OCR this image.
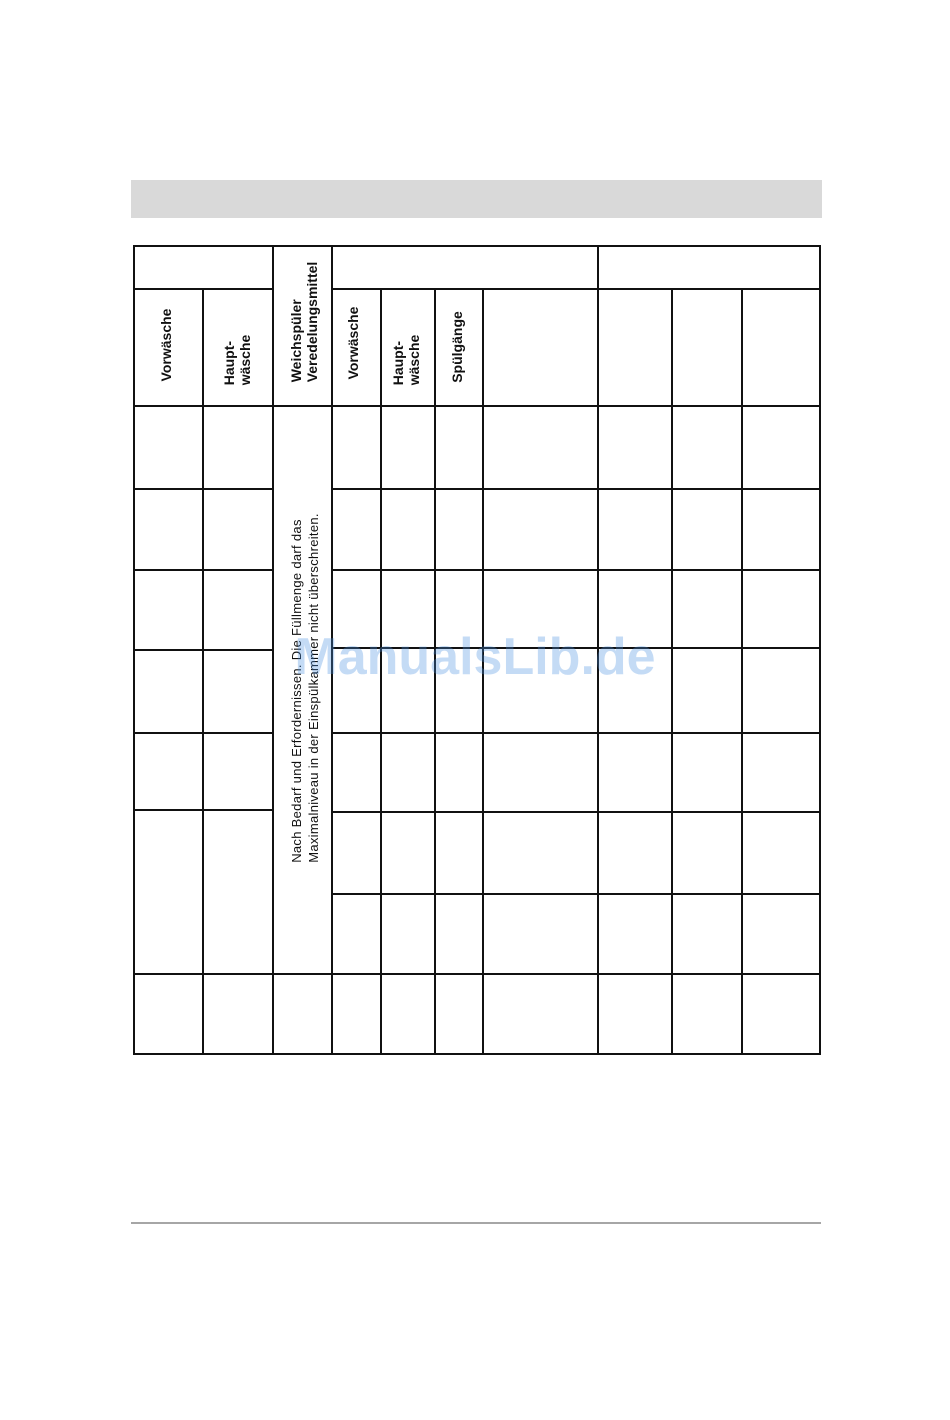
Vorwäsche	Haupt-
wäsche	Weichspüler
Veredelungsmittel Vorwäsche Haupt-
wäsche Spülgänge
Nach Bedarf und Erfordernissen. Die Füllmenge darf das Maximalniveau in der Einspülkammer nicht überschreiten.
ManualsLib.de
